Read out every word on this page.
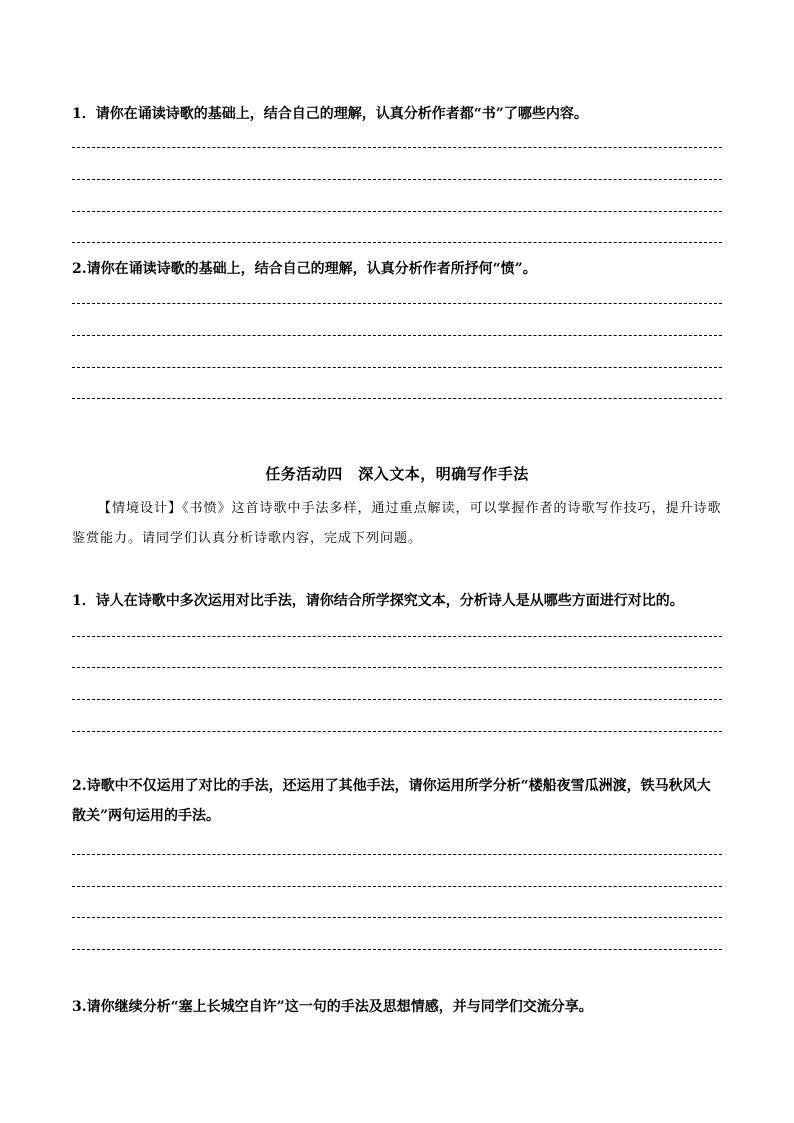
1．请你在诵读诗歌的基础上，结合自己的理解，认真分析作者都“书”了哪些内容。
2.请你在诵读诗歌的基础上，结合自己的理解，认真分析作者所抒何“愤”。
任务活动四　深入文本，明确写作手法
【情境设计】《书愤》这首诗歌中手法多样，通过重点解读，可以掌握作者的诗歌写作技巧，提升诗歌鉴赏能力。请同学们认真分析诗歌内容，完成下列问题。
1．诗人在诗歌中多次运用对比手法，请你结合所学探究文本，分析诗人是从哪些方面进行对比的。
2.诗歌中不仅运用了对比的手法，还运用了其他手法，请你运用所学分析“楼船夜雪瓜洲渡，铁马秋风大散关”两句运用的手法。
3.请你继续分析“塞上长城空自许”这一句的手法及思想情感，并与同学们交流分享。
